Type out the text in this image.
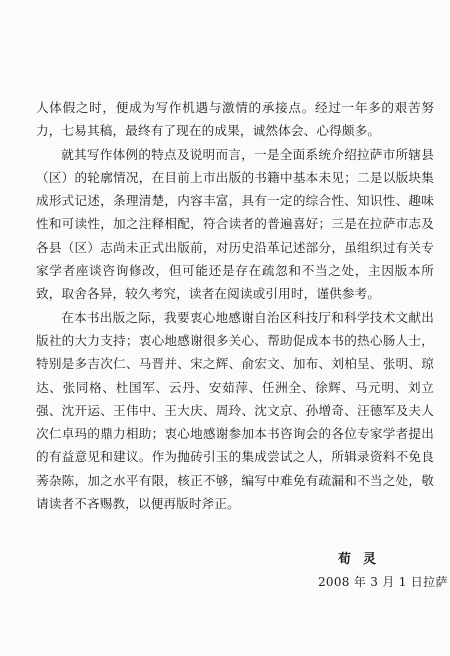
人体假之时，便成为写作机遇与激情的承接点。经过一年多的艰苦努力，七易其稿，最终有了现在的成果，诚然体会、心得颇多。

就其写作体例的特点及说明而言，一是全面系统介绍拉萨市所辖县（区）的轮廓情况，在目前上市出版的书籍中基本未见；二是以版块集成形式记述，条理清楚，内容丰富，具有一定的综合性、知识性、趣味性和可读性，加之注释相配，符合读者的普遍喜好；三是在拉萨市志及各县（区）志尚未正式出版前，对历史沿革记述部分，虽组织过有关专家学者座谈咨询修改，但可能还是存在疏忽和不当之处，主因版本所致，取舍各异，较久考究，读者在阅读或引用时，谨供参考。

在本书出版之际，我要衷心地感谢自治区科技厅和科学技术文献出版社的大力支持；衷心地感谢很多关心、帮助促成本书的热心肠人士，特别是多吉次仁、马晋并、宋之辉、俞宏文、加布、刘柏呈、张明、琼达、张同格、杜国军、云丹、安茹萍、任洲全、徐辉、马元明、刘立强、沈开运、王伟中、王大庆、周玲、沈文京、孙增奇、汪德军及夫人次仁卓玛的鼎力相助；衷心地感谢参加本书咨询会的各位专家学者提出的有益意见和建议。作为抛砖引玉的集成尝试之人，所辑录资料不免良莠杂陈，加之水平有限，核正不够，编写中难免有疏漏和不当之处，敬请读者不吝赐教，以便再版时斧正。

荀灵
2008 年 3 月 1 日拉萨
